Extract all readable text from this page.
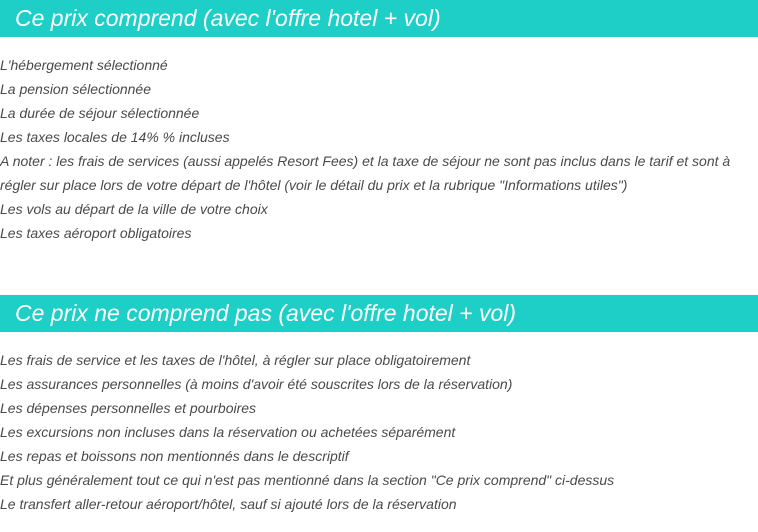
Ce prix comprend (avec l'offre hotel + vol)
L'hébergement sélectionné
La pension sélectionnée
La durée de séjour sélectionnée
Les taxes locales de 14% % incluses
A noter : les frais de services (aussi appelés Resort Fees) et la taxe de séjour ne sont pas inclus dans le tarif et sont à régler sur place lors de votre départ de l'hôtel (voir le détail du prix et la rubrique "Informations utiles")
Les vols au départ de la ville de votre choix
Les taxes aéroport obligatoires
Ce prix ne comprend pas (avec l'offre hotel + vol)
Les frais de service et les taxes de l'hôtel, à régler sur place obligatoirement
Les assurances personnelles (à moins d'avoir été souscrites lors de la réservation)
Les dépenses personnelles et pourboires
Les excursions non incluses dans la réservation ou achetées séparément
Les repas et boissons non mentionnés dans le descriptif
Et plus généralement tout ce qui n'est pas mentionné dans la section "Ce prix comprend" ci-dessus
Le transfert aller-retour aéroport/hôtel, sauf si ajouté lors de la réservation
